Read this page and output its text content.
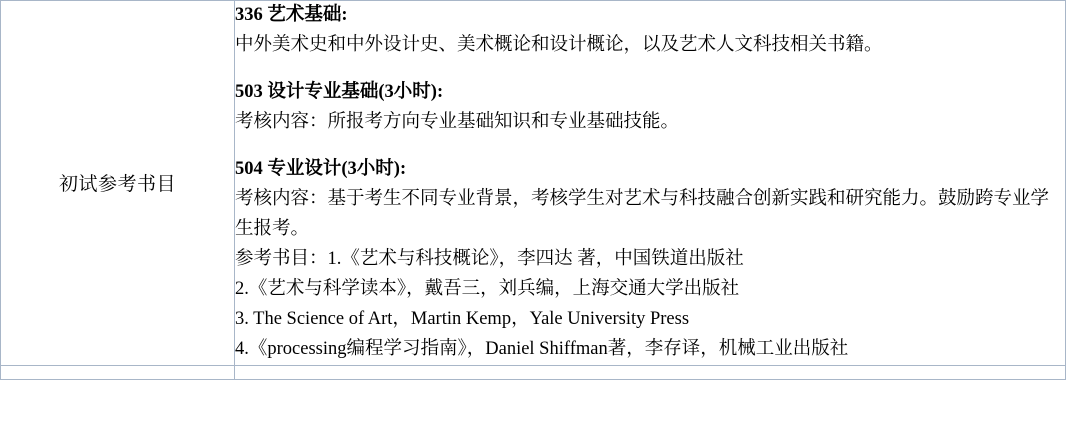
初试参考书目	

336 艺术基础:

中外美术史和中外设计史、美术概论和设计概论，以及艺术人文科技相关书籍。

503 设计专业基础(3小时):

考核内容：所报考方向专业基础知识和专业基础技能。

504 专业设计(3小时):

考核内容：基于考生不同专业背景，考核学生对艺术与科技融合创新实践和研究能力。鼓励跨专业学生报考。

参考书目：1.《艺术与科技概论》，李四达 著，中国铁道出版社

2.《艺术与科学读本》，戴吾三，刘兵编，上海交通大学出版社

3. The Science of Art，Martin Kemp，Yale University Press

4.《processing编程学习指南》，Daniel Shiffman著，李存译，机械工业出版社
